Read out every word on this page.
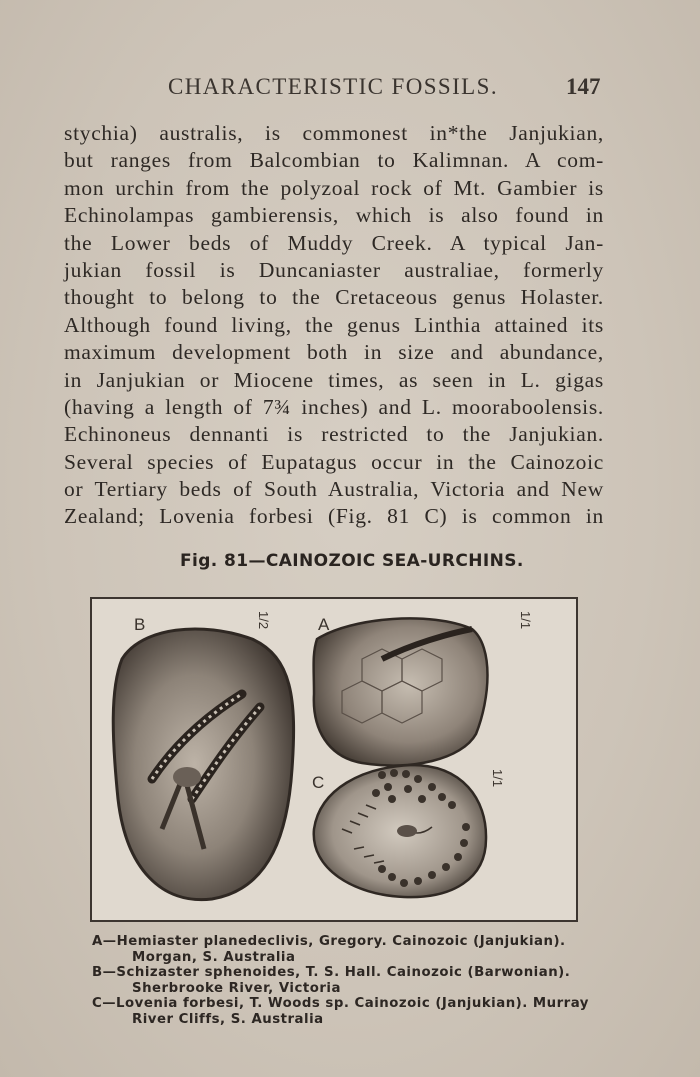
CHARACTERISTIC FOSSILS.	147
stychia) australis, is commonest in*the Janjukian,
but ranges from Balcombian to Kalimnan. A com-
mon urchin from the polyzoal rock of Mt. Gambier is
Echinolampas gambierensis, which is also found in
the Lower beds of Muddy Creek. A typical Jan-
jukian fossil is Duncaniaster australiae, formerly
thought to belong to the Cretaceous genus Holaster.
Although found living, the genus Linthia attained its
maximum development both in size and abundance,
in Janjukian or Miocene times, as seen in L. gigas
(having a length of 7¾ inches) and L. mooraboolensis.
Echinoneus dennanti is restricted to the Janjukian.
Several species of Eupatagus occur in the Cainozoic
or Tertiary beds of South Australia, Victoria and New
Zealand; Lovenia forbesi (Fig. 81 C) is common in
Fig. 81—CAINOZOIC SEA-URCHINS.
B	A
C
1/2	1/1
1/1
A—Hemiaster planedeclivis, Gregory. Cainozoic (Janjukian).
Morgan, S. Australia
B—Schizaster sphenoides, T. S. Hall. Cainozoic (Barwonian).
Sherbrooke River, Victoria
C—Lovenia forbesi, T. Woods sp. Cainozoic (Janjukian). Murray
River Cliffs, S. Australia
